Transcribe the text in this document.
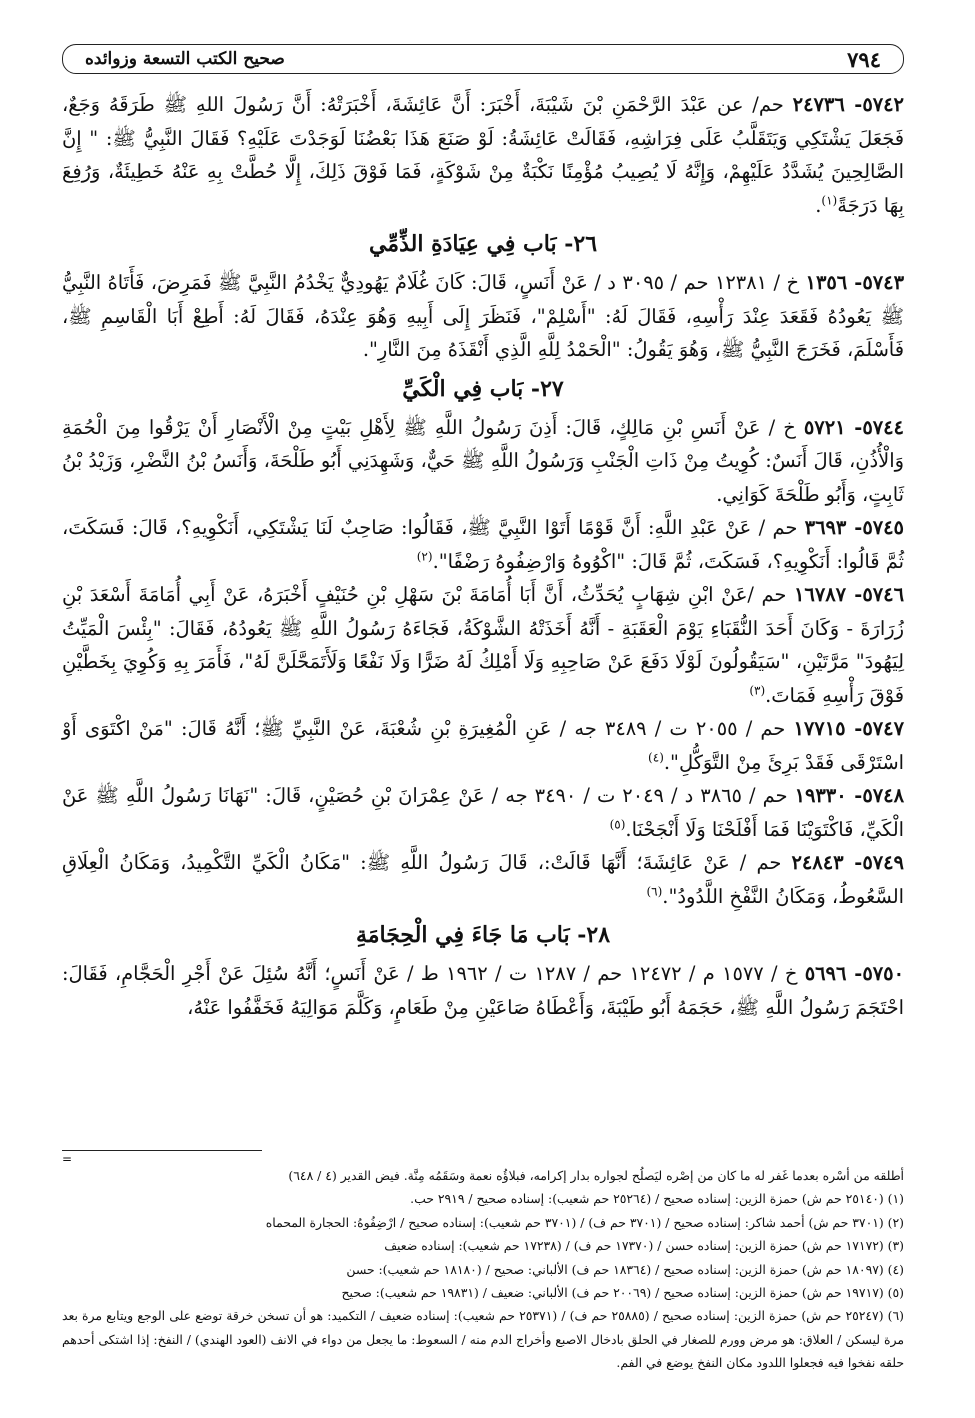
٧٩٤
صحيح الكتب التسعة وزوائده

٥٧٤٢- ٢٤٧٣٦ حم/ عن عَبْدَ الرَّحْمَنِ بْنَ شَيْبَةَ، أَخْبَرَ: أَنَّ عَائِشَةَ، أَخْبَرَتْهُ: أَنَّ رَسُولَ اللهِ ﷺ طَرَقَهُ وَجَعٌ، فَجَعَلَ يَشْتَكِي وَيَتَقَلَّبُ عَلَى فِرَاشِهِ، فَقَالَتْ عَائِشَةُ: لَوْ صَنَعَ هَذَا بَعْضُنَا لَوَجَدْتَ عَلَيْهِ؟ فَقَالَ النَّبِيُّ ﷺ: " إِنَّ الصَّالِحِينَ يُشَدَّدُ عَلَيْهِمْ، وَإِنَّهُ لَا يُصِيبُ مُؤْمِنًا نَكْبَةٌ مِنْ شَوْكَةٍ، فَمَا فَوْقَ ذَلِكَ، إِلَّا حُطَّتْ بِهِ عَنْهُ خَطِيئَةٌ، وَرُفِعَ بِهَا دَرَجَةً$^{(١)}$.

٢٦- بَاب فِي عِيَادَةِ الذِّمِّي

٥٧٤٣- ١٣٥٦ خ / ١٢٣٨١ حم / ٣٠٩٥ د / عَنْ أَنَسٍ، قَالَ: كَانَ غُلَامٌ يَهُودِيٌّ يَخْدُمُ النَّبِيَّ ﷺ فَمَرِضَ، فَأَتَاهُ النَّبِيُّ ﷺ يَعُودُهُ فَقَعَدَ عِنْدَ رَأْسِهِ، فَقَالَ لَهُ: "أَسْلِمْ"، فَنَظَرَ إِلَى أَبِيهِ وَهُوَ عِنْدَهُ، فَقَالَ لَهُ: أَطِعْ أَبَا الْقَاسِمِ ﷺ، فَأَسْلَمَ، فَخَرَجَ النَّبِيُّ ﷺ، وَهُوَ يَقُولُ: "الْحَمْدُ لِلَّهِ الَّذِي أَنْقَذَهُ مِنَ النَّارِ".

٢٧- بَاب فِي الْكَيِّ

٥٧٤٤- ٥٧٢١ خ / عَنْ أَنَسِ بْنِ مَالِكٍ، قَالَ: أَذِنَ رَسُولُ اللَّهِ ﷺ لِأَهْلِ بَيْتٍ مِنْ الْأَنْصَارِ أَنْ يَرْقُوا مِنَ الْحُمَةِ وَالْأُذُنِ، قَالَ أَنَسٌ: كُوِيتُ مِنْ ذَاتِ الْجَنْبِ وَرَسُولُ اللَّهِ ﷺ حَيٌّ، وَشَهِدَنِي أَبُو طَلْحَةَ، وَأَنَسُ بْنُ النَّضْرِ، وَزَيْدُ بْنُ ثَابِتٍ، وَأَبُو طَلْحَةَ كَوَانِي.

٥٧٤٥- ٣٦٩٣ حم / عَنْ عَبْدِ اللَّهِ: أَنَّ قَوْمًا أَتَوْا النَّبِيَّ ﷺ، فَقَالُوا: صَاحِبٌ لَنَا يَشْتَكِي، أَنَكْوِيهِ؟، قَالَ: فَسَكَتَ، ثُمَّ قَالُوا: أَنَكْوِيهِ؟، فَسَكَتَ، ثُمَّ قَالَ: "اكْوُوهُ وَارْضِفُوهُ رَضْفًا".$^{(٢)}$

٥٧٤٦- ١٦٧٨٧ حم /عَنْ ابْنِ شِهَابٍ يُحَدِّثُ، أَنَّ أَبَا أُمَامَةَ بْنَ سَهْلِ بْنِ حُنَيْفٍ أَخْبَرَهُ، عَنْ أَبِي أُمَامَةَ أَسْعَدَ بْنِ زُرَارَةَ - وَكَانَ أَحَدَ النُّقَبَاءِ يَوْمَ الْعَقَبَةِ - أَنَّهُ أَخَذَتْهُ الشَّوْكَةُ، فَجَاءَهُ رَسُولُ اللَّهِ ﷺ يَعُودُهُ، فَقَالَ: "بِئْسَ الْمَيِّتُ لِيَهُودَ" مَرَّتَيْنِ، "سَيَقُولُونَ لَوْلَا دَفَعَ عَنْ صَاحِبِهِ وَلَا أَمْلِكُ لَهُ ضَرًّا وَلَا نَفْعًا وَلَأَتَمَحَّلَنَّ لَهُ"، فَأَمَرَ بِهِ وَكُوِيَ بِخَطَّيْنِ فَوْقَ رَأْسِهِ فَمَاتَ.$^{(٣)}$

٥٧٤٧- ١٧٧١٥ حم / ٢٠٥٥ ت / ٣٤٨٩ جه / عَنِ الْمُغِيرَةِ بْنِ شُعْبَةَ، عَنْ النَّبِيِّ ﷺ؛ أَنَّهُ قَالَ: "مَنْ اكْتَوَى أَوْ اسْتَرْقَى فَقَدْ بَرِئَ مِنْ التَّوَكُّلِ".$^{(٤)}$

٥٧٤٨- ١٩٣٣٠ حم / ٣٨٦٥ د / ٢٠٤٩ ت / ٣٤٩٠ جه / عَنْ عِمْرَانَ بْنِ حُصَيْنٍ، قَالَ: "نَهَانَا رَسُولُ اللَّهِ ﷺ عَنْ الْكَيِّ، فَاكْتَوَيْنَا فَمَا أَفْلَحْنَا وَلَا أَنْجَحْنَا.$^{(٥)}$

٥٧٤٩- ٢٤٨٤٣ حم / عَنْ عَائِشَةَ؛ أَنَّهَا قَالَتْ:، قَالَ رَسُولُ اللَّهِ ﷺ: "مَكَانُ الْكَيِّ التَّكْمِيدُ، وَمَكَانُ الْعِلَاقِ السَّعُوطُ، وَمَكَانُ النَّفْخِ اللَّدُودُ".$^{(٦)}$

٢٨- بَاب مَا جَاءَ فِي الْحِجَامَةِ

٥٧٥٠- ٥٦٩٦ خ / ١٥٧٧ م / ١٢٤٧٢ حم / ١٢٨٧ ت / ١٩٦٢ ط / عَنْ أَنَسٍ؛ أَنَّهُ سُئِلَ عَنْ أَجْرِ الْحَجَّامِ، فَقَالَ: احْتَجَمَ رَسُولُ اللَّهِ ﷺ، حَجَمَهُ أَبُو طَيْبَةَ، وَأَعْطَاهُ صَاعَيْنِ مِنْ طَعَامٍ، وَكَلَّمَ مَوَالِيَهُ فَخَفَّفُوا عَنْهُ،

=

أطلقه من أسْره بعدما غَفر له ما كان من إصْره ليَصلُح لجواره بدار إكرامه، فبلاؤُه نعمة وسَقَمُه مِنَّة. فيض القدير (٤ / ٦٤٨)

(١) (٢٥١٤٠ حم ش) حمزة الزين: إسناده صحيح / (٢٥٢٦٤ حم شعيب): إسناده صحيح / ٢٩١٩ حب.

(٢) (٣٧٠١ حم ش) أحمد شاكر: إسناده صحيح / (٣٧٠١ حم ف) / (٣٧٠١ حم شعيب): إسناده صحيح / ارْضِفُوهُ: الحجارة المحماه

(٣) (١٧١٧٢ حم ش) حمزة الزين: إسناده حسن / (١٧٣٧٠ حم ف) / (١٧٢٣٨ حم شعيب): إسناده ضعيف

(٤) (١٨٠٩٧ حم ش) حمزة الزين: إسناده صحيح / (١٨٣٦٤ حم ف) الألباني: صحيح / (١٨١٨٠ حم شعيب): حسن

(٥) (١٩٧١٧ حم ش) حمزة الزين: إسناده صحيح / (٢٠٠٦٩ حم ف) الألباني: ضعيف / (١٩٨٣١ حم شعيب): صحيح

(٦) (٢٥٢٤٧ حم ش) حمزة الزين: إسناده صحيح / (٢٥٨٨٥ حم ف) / (٢٥٣٧١ حم شعيب): إسناده ضعيف / التكميد: هو أن تسخن خرقة توضع على الوجع ويتابع مرة بعد مرة ليسكن / العلاق: هو مرض وورم للصغار في الحلق بادخال الاصبع وأخراج الدم منه / السعوط: ما يجعل من دواء في الانف (العود الهندي) / النفخ: إذا اشتكى أحدهم حلقه نفخوا فيه فجعلوا اللدود مكان النفخ يوضع في الفم.
